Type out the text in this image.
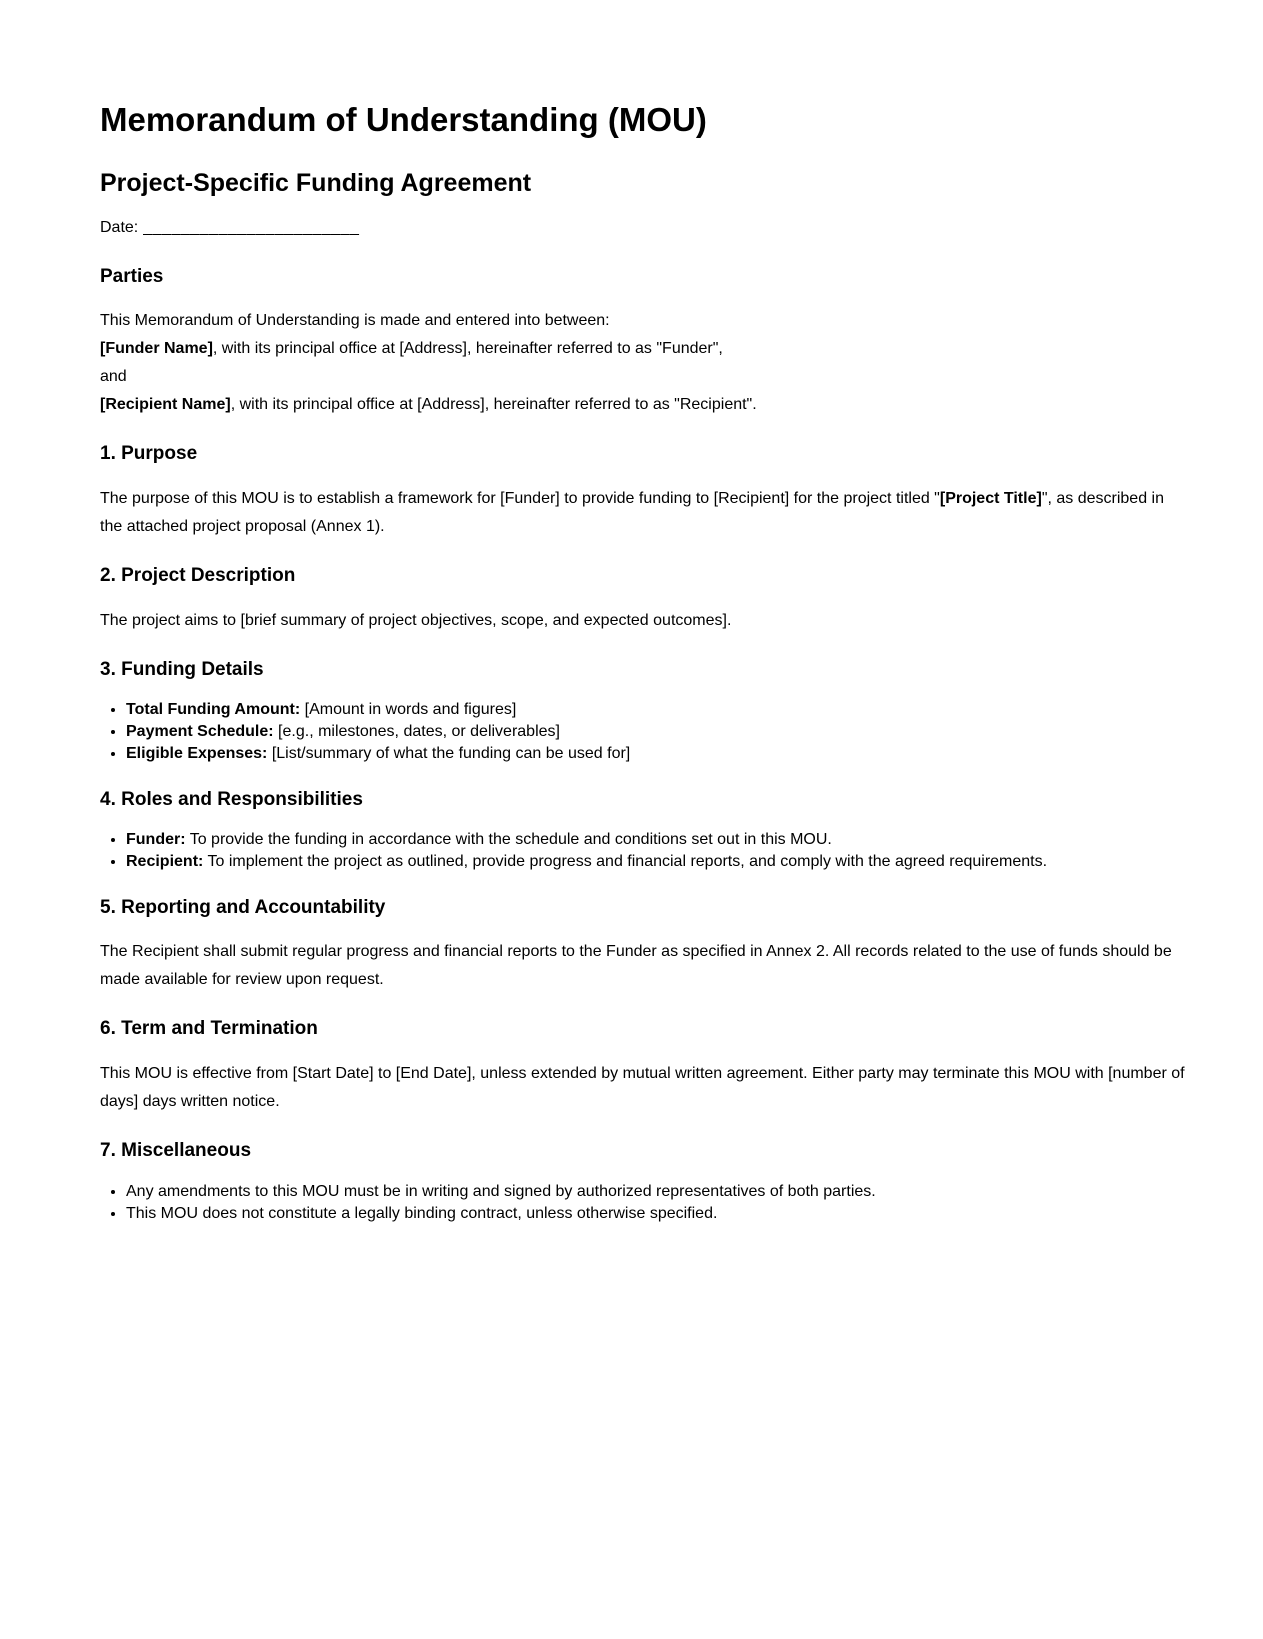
Memorandum of Understanding (MOU)
Project-Specific Funding Agreement

Date: _______________________

Parties

This Memorandum of Understanding is made and entered into between:
[Funder Name], with its principal office at [Address], hereinafter referred to as "Funder",
and
[Recipient Name], with its principal office at [Address], hereinafter referred to as "Recipient".

1. Purpose

The purpose of this MOU is to establish a framework for [Funder] to provide funding to [Recipient] for the project titled "[Project Title]", as described in the attached project proposal (Annex 1).

2. Project Description

The project aims to [brief summary of project objectives, scope, and expected outcomes].

3. Funding Details
• Total Funding Amount: [Amount in words and figures]
• Payment Schedule: [e.g., milestones, dates, or deliverables]
• Eligible Expenses: [List/summary of what the funding can be used for]
4. Roles and Responsibilities
• Funder: To provide the funding in accordance with the schedule and conditions set out in this MOU.
• Recipient: To implement the project as outlined, provide progress and financial reports, and comply with the agreed requirements.
5. Reporting and Accountability

The Recipient shall submit regular progress and financial reports to the Funder as specified in Annex 2. All records related to the use of funds should be made available for review upon request.

6. Term and Termination

This MOU is effective from [Start Date] to [End Date], unless extended by mutual written agreement. Either party may terminate this MOU with [number of days] days written notice.

7. Miscellaneous
• Any amendments to this MOU must be in writing and signed by authorized representatives of both parties.
• This MOU does not constitute a legally binding contract, unless otherwise specified.
